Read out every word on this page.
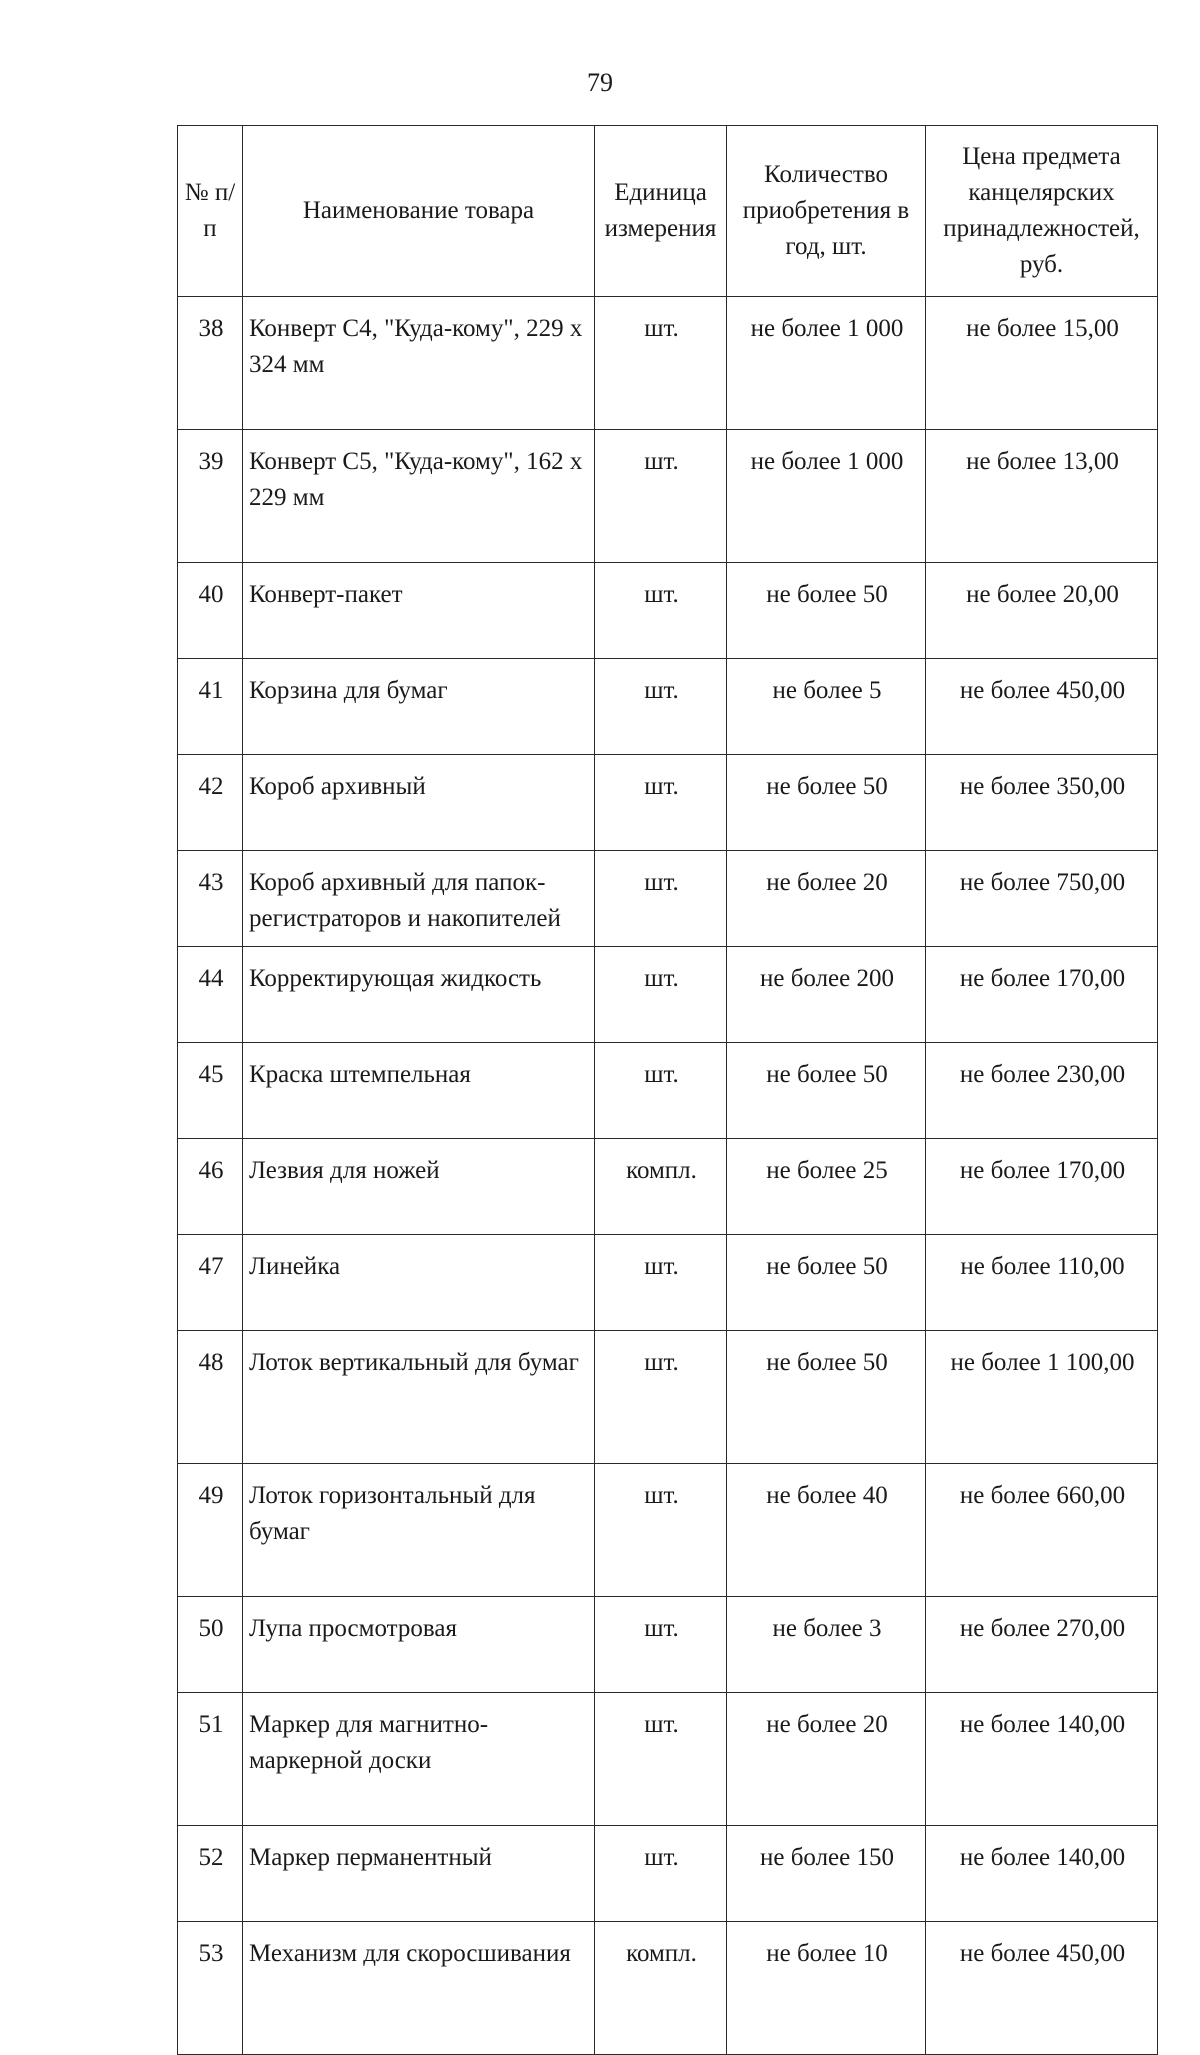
79
№ п/п	Наименование товара	Единица измерения	Количество приобретения в год, шт.	Цена предмета канцелярских принадлежностей, руб.
38	Конверт С4, "Куда-кому", 229 х 324 мм	шт.	не более 1 000	не более 15,00
39	Конверт С5, "Куда-кому", 162 х 229 мм	шт.	не более 1 000	не более 13,00
40	Конверт-пакет	шт.	не более 50	не более 20,00
41	Корзина для бумаг	шт.	не более 5	не более 450,00
42	Короб архивный	шт.	не более 50	не более 350,00
43	Короб архивный для папок-регистраторов и накопителей	шт.	не более 20	не более 750,00
44	Корректирующая жидкость	шт.	не более 200	не более 170,00
45	Краска штемпельная	шт.	не более 50	не более 230,00
46	Лезвия для ножей	компл.	не более 25	не более 170,00
47	Линейка	шт.	не более 50	не более 110,00
48	Лоток вертикальный для бумаг	шт.	не более 50	не более 1 100,00
49	Лоток горизонтальный для бумаг	шт.	не более 40	не более 660,00
50	Лупа просмотровая	шт.	не более 3	не более 270,00
51	Маркер для магнитно-маркерной доски	шт.	не более 20	не более 140,00
52	Маркер перманентный	шт.	не более 150	не более 140,00
53	Механизм для скоросшивания	компл.	не более 10	не более 450,00
